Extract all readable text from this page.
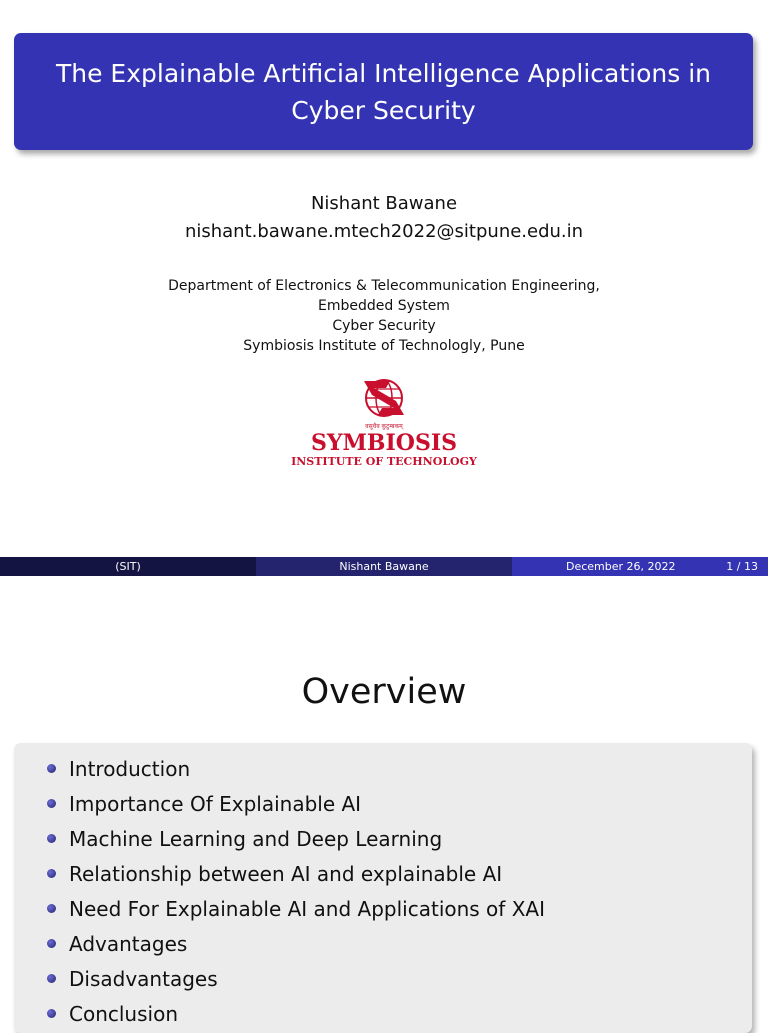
The Explainable Artificial Intelligence Applications in Cyber Security
Nishant Bawane
nishant.bawane.mtech2022@sitpune.edu.in
Department of Electronics & Telecommunication Engineering,
Embedded System
Cyber Security
Symbiosis Institute of Technologly, Pune
वसुधैव कुटुम्बकम्
SYMBIOSIS
INSTITUTE OF TECHNOLOGY
(SIT)	Nishant Bawane	December 26, 2022	1 / 13
Overview
Introduction
Importance Of Explainable AI
Machine Learning and Deep Learning
Relationship between AI and explainable AI
Need For Explainable AI and Applications of XAI
Advantages
Disadvantages
Conclusion
